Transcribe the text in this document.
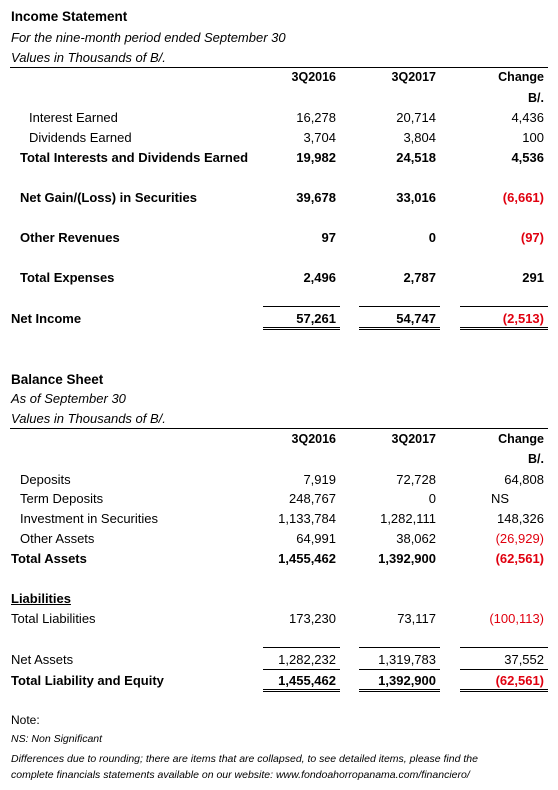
Income Statement
For the nine-month period ended September 30
Values in Thousands of B/.
3Q2016	3Q2017	Change
B/.
Interest Earned	16,278	20,714	4,436
Dividends Earned	3,704	3,804	100
Total Interests and Dividends Earned	19,982	24,518	4,536
Net Gain/(Loss) in Securities	39,678	33,016	(6,661)
Other Revenues	97	0	(97)
Total Expenses	2,496	2,787	291
Net Income	57,261	54,747	(2,513)
Balance Sheet
As of September 30
Values in Thousands of B/.
3Q2016	3Q2017	Change
B/.
Deposits	7,919	72,728	64,808
Term Deposits	248,767	0	NS
Investment in Securities	1,133,784	1,282,111	148,326
Other Assets	64,991	38,062	(26,929)
Total Assets	1,455,462	1,392,900	(62,561)
Liabilities
Total Liabilities	173,230	73,117	(100,113)
Net Assets	1,282,232	1,319,783	37,552
Total Liability and Equity	1,455,462	1,392,900	(62,561)
Note:
NS: Non Significant
Differences due to rounding; there are items that are collapsed, to see detailed items, please find the
complete financials statements available on our website: www.fondoahorropanama.com/financiero/
